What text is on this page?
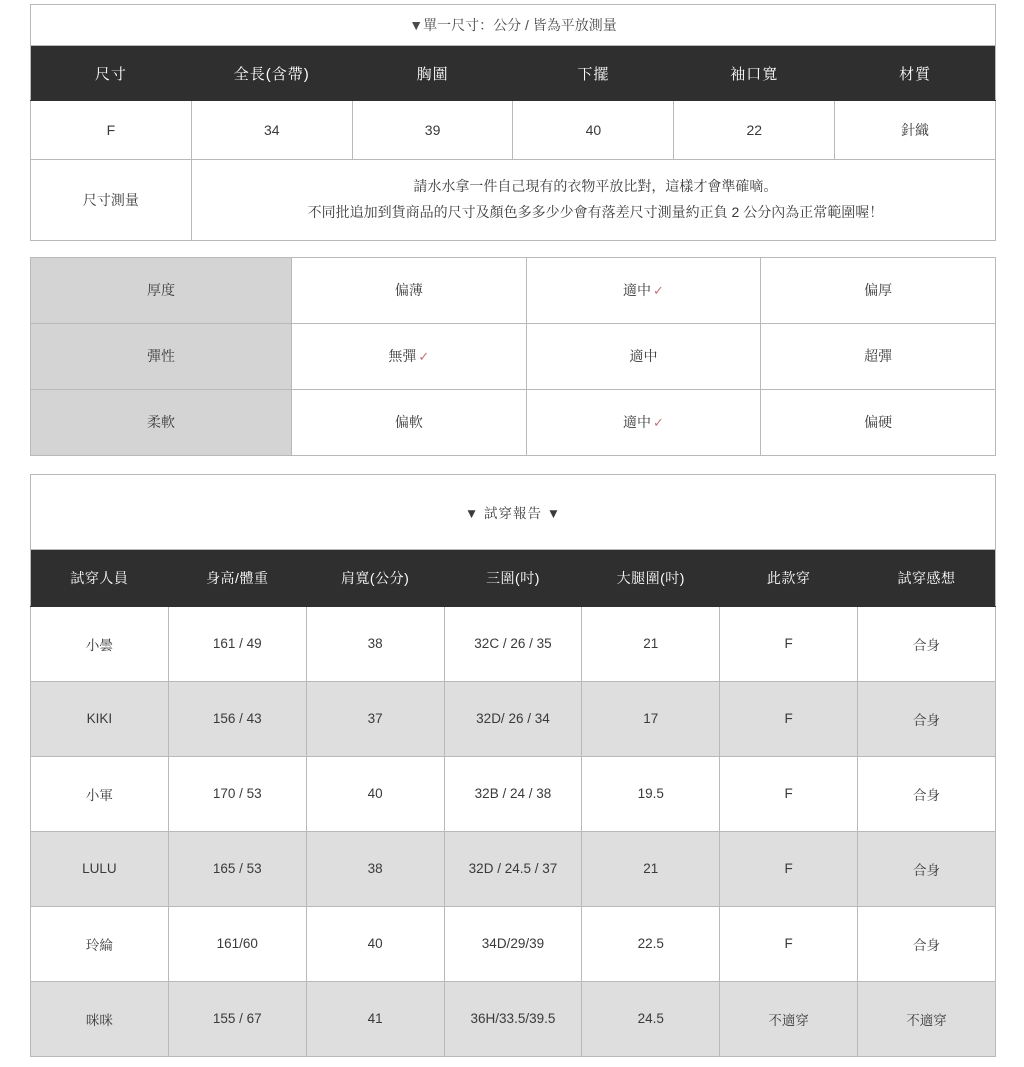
▼單一尺寸：公分 / 皆為平放測量					
尺寸	全長(含帶)	胸圍	下擺	袖口寬	材質
F	34	39	40	22	針織
尺寸測量	請水水拿一件自己現有的衣物平放比對，這樣才會準確嘀。
不同批追加到貨商品的尺寸及顏色多多少少會有落差尺寸測量約正負 2 公分內為正常範圍喔！				
厚度	偏薄	適中 ✓	偏厚
彈性	無彈 ✓	適中	超彈
柔軟	偏軟	適中 ✓	偏硬
▼ 試穿報告 ▼						
試穿人員	身高/體重	肩寬(公分)	三圍(吋)	大腿圍(吋)	此款穿	試穿感想
小曇	161 / 49	38	32C / 26 / 35	21	F	合身
KIKI	156 / 43	37	32D/ 26 / 34	17	F	合身
小軍	170 / 53	40	32B / 24 / 38	19.5	F	合身
LULU	165 / 53	38	32D / 24.5 / 37	21	F	合身
玲綸	161/60	40	34D/29/39	22.5	F	合身
咪咪	155 / 67	41	36H/33.5/39.5	24.5	不適穿	不適穿
